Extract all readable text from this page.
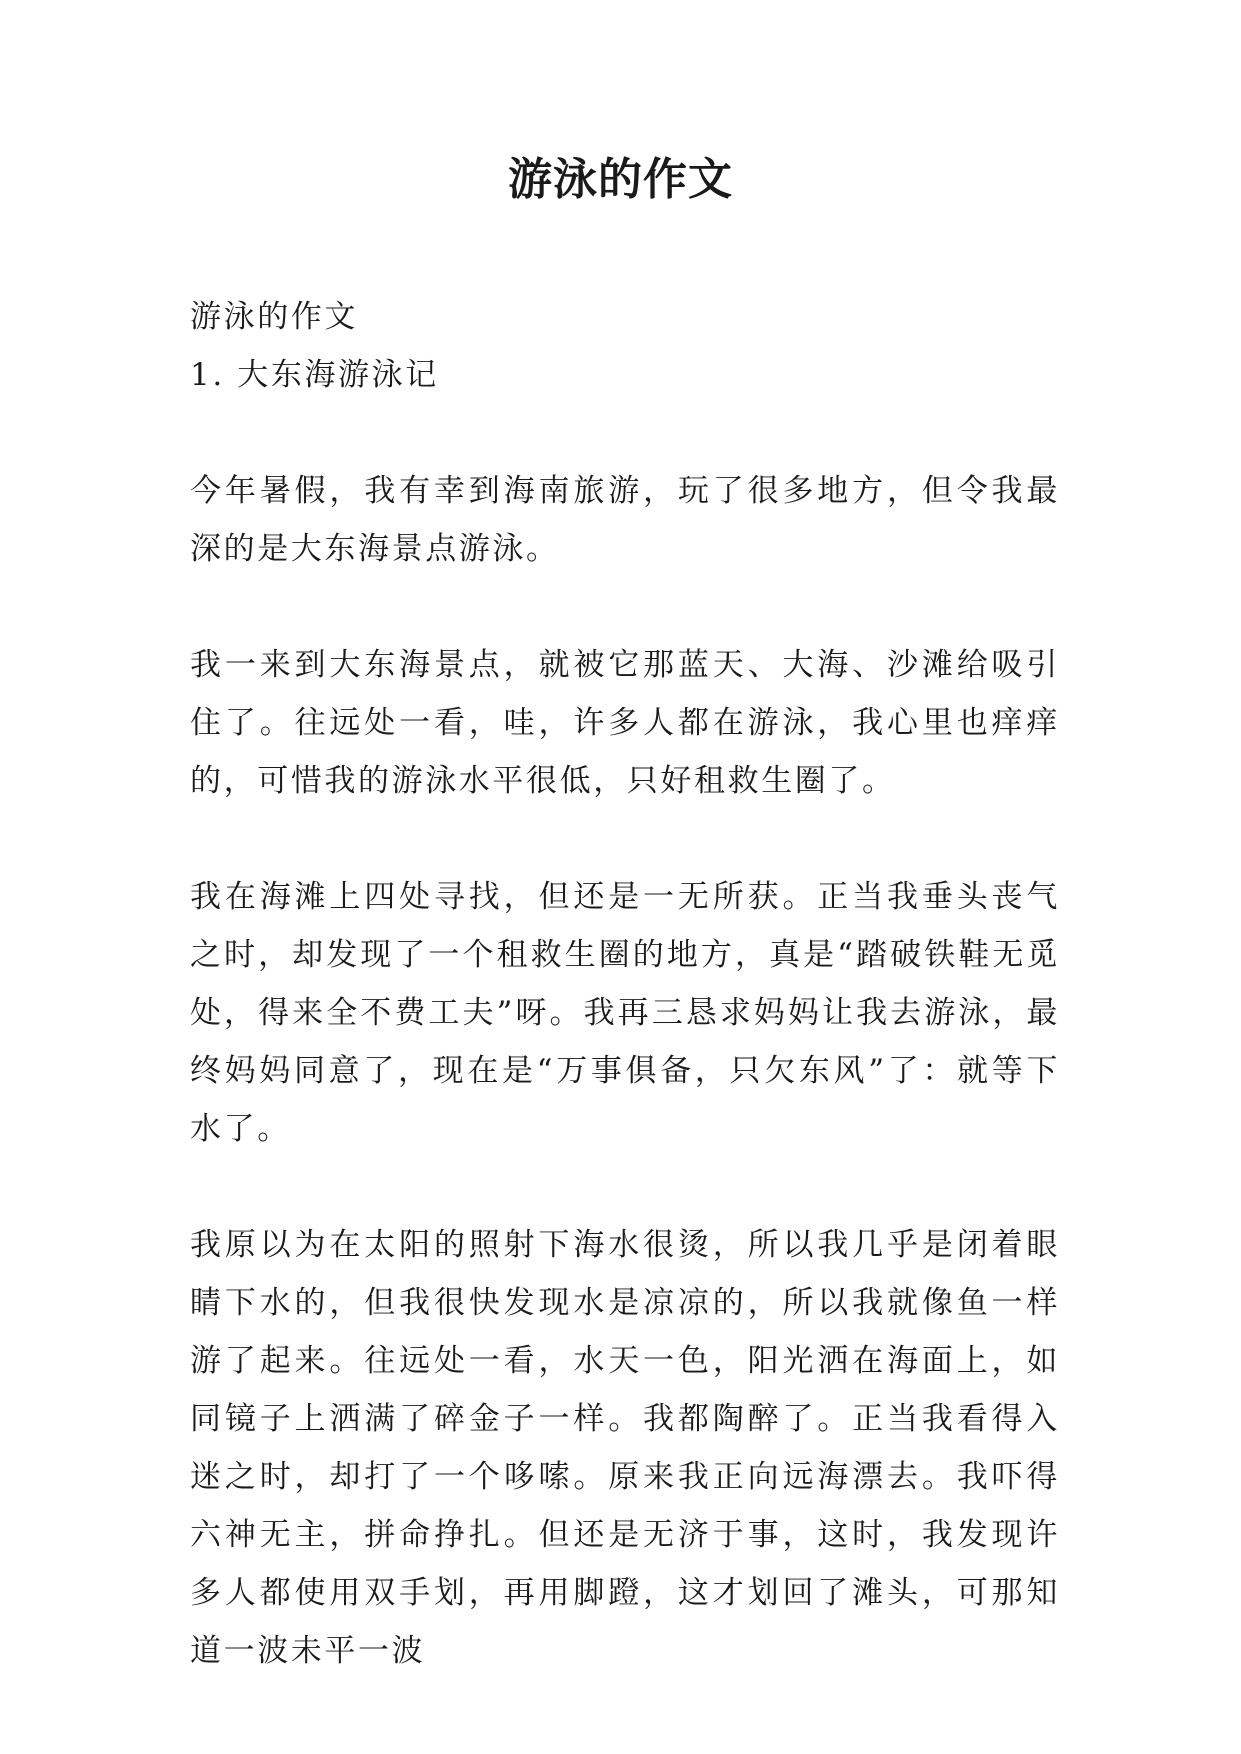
游泳的作文

游泳的作文

1. 大东海游泳记

今年暑假，我有幸到海南旅游，玩了很多地方，但令我最深的是大东海景点游泳。

我一来到大东海景点，就被它那蓝天、大海、沙滩给吸引住了。往远处一看，哇，许多人都在游泳，我心里也痒痒的，可惜我的游泳水平很低，只好租救生圈了。

我在海滩上四处寻找，但还是一无所获。正当我垂头丧气之时，却发现了一个租救生圈的地方，真是“踏破铁鞋无觅处，得来全不费工夫”呀。我再三恳求妈妈让我去游泳，最终妈妈同意了，现在是“万事俱备，只欠东风”了：就等下水了。

我原以为在太阳的照射下海水很烫，所以我几乎是闭着眼睛下水的，但我很快发现水是凉凉的，所以我就像鱼一样游了起来。往远处一看，水天一色，阳光洒在海面上，如同镜子上洒满了碎金子一样。我都陶醉了。正当我看得入迷之时，却打了一个哆嗦。原来我正向远海漂去。我吓得六神无主，拼命挣扎。但还是无济于事，这时，我发现许多人都使用双手划，再用脚蹬，这才划回了滩头，可那知道一波未平一波
